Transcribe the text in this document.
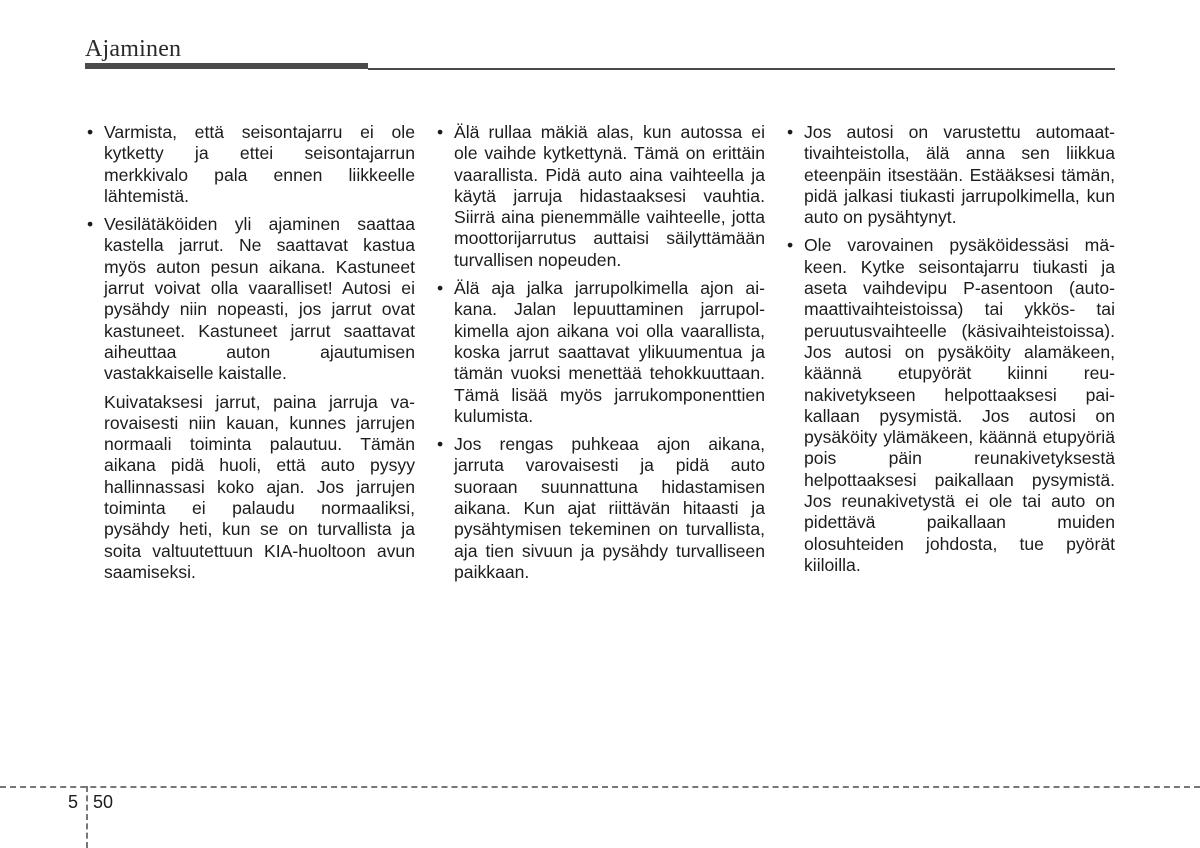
Ajaminen
• Varmista, että seisontajarru ei ole kytketty ja ettei seisontajarrun merkkivalo pala ennen liikkeelle lähtemistä.
• Vesilätäköiden yli ajaminen saattaa kastella jarrut. Ne saattavat kastua myös auton pesun aikana. Kastuneet jarrut voivat olla vaaralliset! Autosi ei pysähdy niin nopeasti, jos jarrut ovat kastuneet. Kastuneet jarrut saattavat aiheuttaa auton ajautumisen vastakkaiselle kaistalle.
Kuivataksesi jarrut, paina jarruja varovaisesti niin kauan, kunnes jarrujen normaali toiminta palautuu. Tämän aikana pidä huoli, että auto pysyy hallinnassasi koko ajan. Jos jarrujen toiminta ei palaudu normaaliksi, pysähdy heti, kun se on turvallista ja soita valtuutettuun KIA-huoltoon avun saamiseksi.
• Älä rullaa mäkiä alas, kun autossa ei ole vaihde kytkettynä. Tämä on erittäin vaarallista. Pidä auto aina vaihteella ja käytä jarruja hidastaaksesi vauhtia. Siirrä aina pienemmälle vaihteelle, jotta moottorijarrutus auttaisi säilyttämään turvallisen nopeuden.
• Älä aja jalka jarrupolkimella ajon aikana. Jalan lepuuttaminen jarrupolkimella ajon aikana voi olla vaarallista, koska jarrut saattavat ylikuumentua ja tämän vuoksi menettää tehokkuuttaan. Tämä lisää myös jarrukomponenttien kulumista.
• Jos rengas puhkeaa ajon aikana, jarruta varovaisesti ja pidä auto suoraan suunnattuna hidastamisen aikana. Kun ajat riittävän hitaasti ja pysähtymisen tekeminen on turvallista, aja tien sivuun ja pysähdy turvalliseen paikkaan.
• Jos autosi on varustettu automaattivaihteistolla, älä anna sen liikkua eteenpäin itsestään. Estääksesi tämän, pidä jalkasi tiukasti jarrupolkimella, kun auto on pysähtynyt.
• Ole varovainen pysäköidessäsi mäkeen. Kytke seisontajarru tiukasti ja aseta vaihdevipu P-asentoon (automaattivaihteistoissa) tai ykkös- tai peruutusvaihteelle (käsivaihteistoissa). Jos autosi on pysäköity alamäkeen, käännä etupyörät kiinni reunakivetykseen helpottaaksesi paikallaan pysymistä. Jos autosi on pysäköity ylämäkeen, käännä etupyöriä pois päin reunakivetyksestä helpottaaksesi paikallaan pysymistä. Jos reunakivetystä ei ole tai auto on pidettävä paikallaan muiden olosuhteiden johdosta, tue pyörät kiiloilla.
5 50
